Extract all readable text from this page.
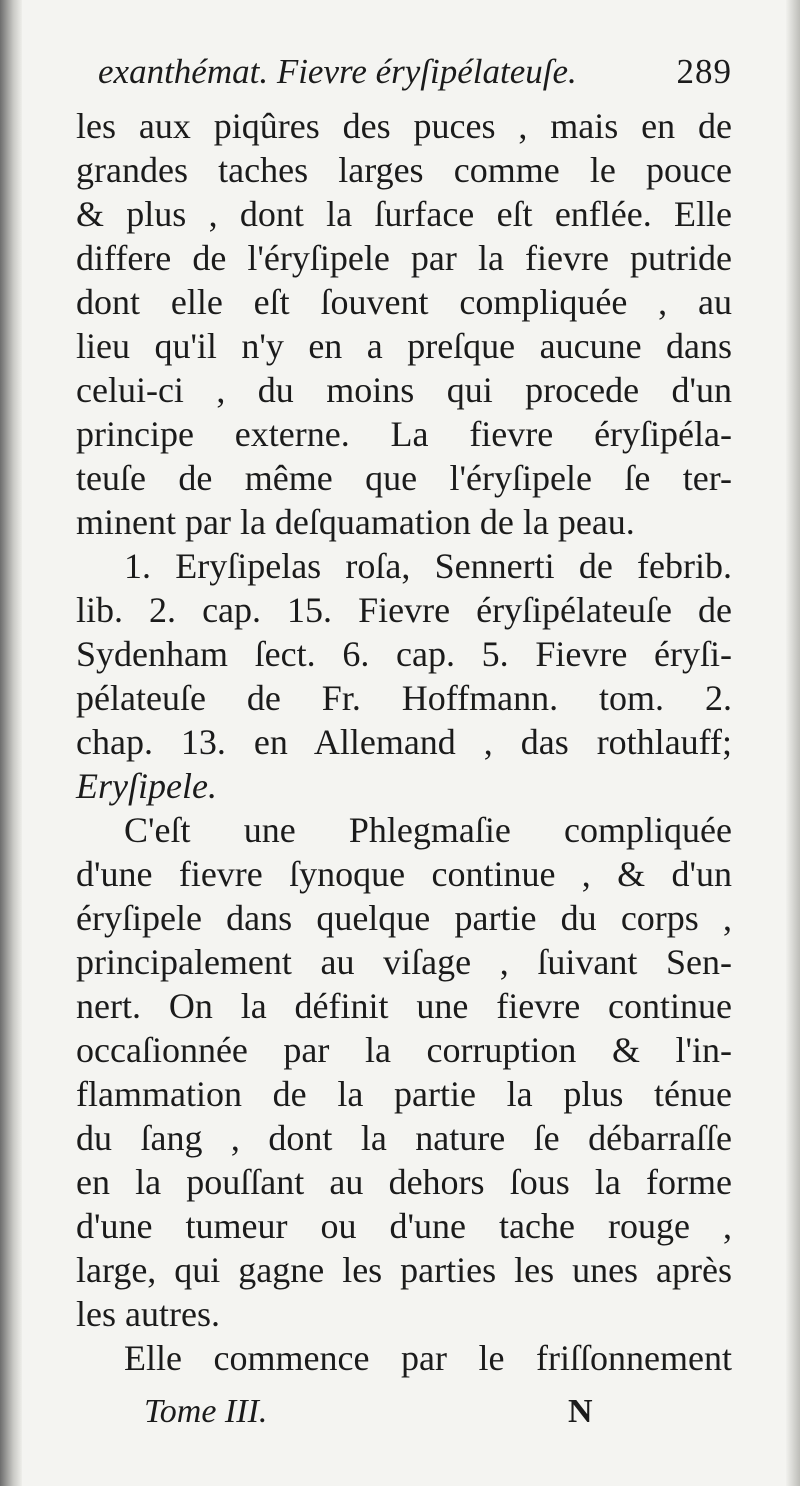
exanthémat. Fievre éryſipélateuſe.	289
les aux piqûres des puces , mais en de
grandes taches larges comme le pouce
& plus , dont la ſurface eſt enflée. Elle
differe de l'éryſipele par la fievre putride
dont elle eſt ſouvent compliquée , au
lieu qu'il n'y en a preſque aucune dans
celui-ci , du moins qui procede d'un
principe externe. La fievre éryſipéla-
teuſe de même que l'éryſipele ſe ter-
minent par la deſquamation de la peau.
1. Eryſipelas roſa, Sennerti de febrib.
lib. 2. cap. 15. Fievre éryſipélateuſe de
Sydenham ſect. 6. cap. 5. Fievre éryſi-
pélateuſe de Fr. Hoffmann. tom. 2.
chap. 13. en Allemand , das rothlauff;
Eryſipele.
C'eſt une Phlegmaſie compliquée
d'une fievre ſynoque continue , & d'un
éryſipele dans quelque partie du corps ,
principalement au viſage , ſuivant Sen-
nert. On la définit une fievre continue
occaſionnée par la corruption & l'in-
flammation de la partie la plus ténue
du ſang , dont la nature ſe débarraſſe
en la pouſſant au dehors ſous la forme
d'une tumeur ou d'une tache rouge ,
large, qui gagne les parties les unes après
les autres.
Elle commence par le friſſonnement
Tome III.	N
